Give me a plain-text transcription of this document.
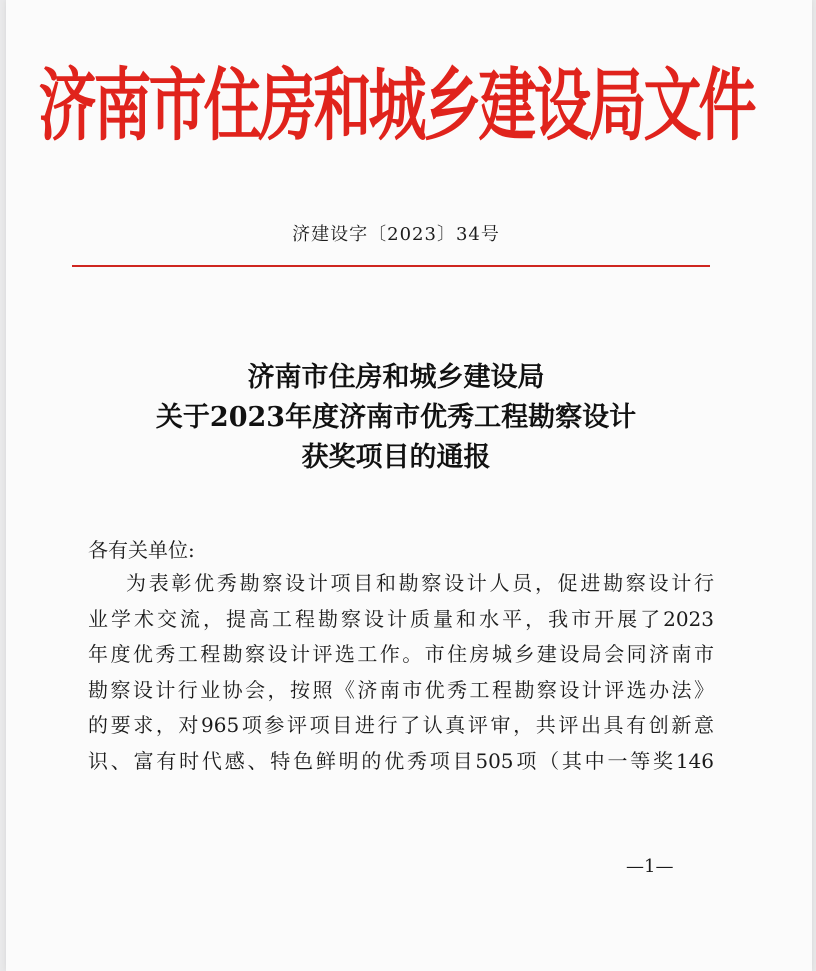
济南市住房和城乡建设局文件
济建设字〔2023〕34号
济南市住房和城乡建设局
关于2023年度济南市优秀工程勘察设计
获奖项目的通报
各有关单位:
为表彰优秀勘察设计项目和勘察设计人员，促进勘察设计行
业学术交流，提高工程勘察设计质量和水平，我市开展了2023
年度优秀工程勘察设计评选工作。市住房城乡建设局会同济南市
勘察设计行业协会，按照《济南市优秀工程勘察设计评选办法》
的要求，对965项参评项目进行了认真评审，共评出具有创新意
识、富有时代感、特色鲜明的优秀项目505项（其中一等奖146
—1—
